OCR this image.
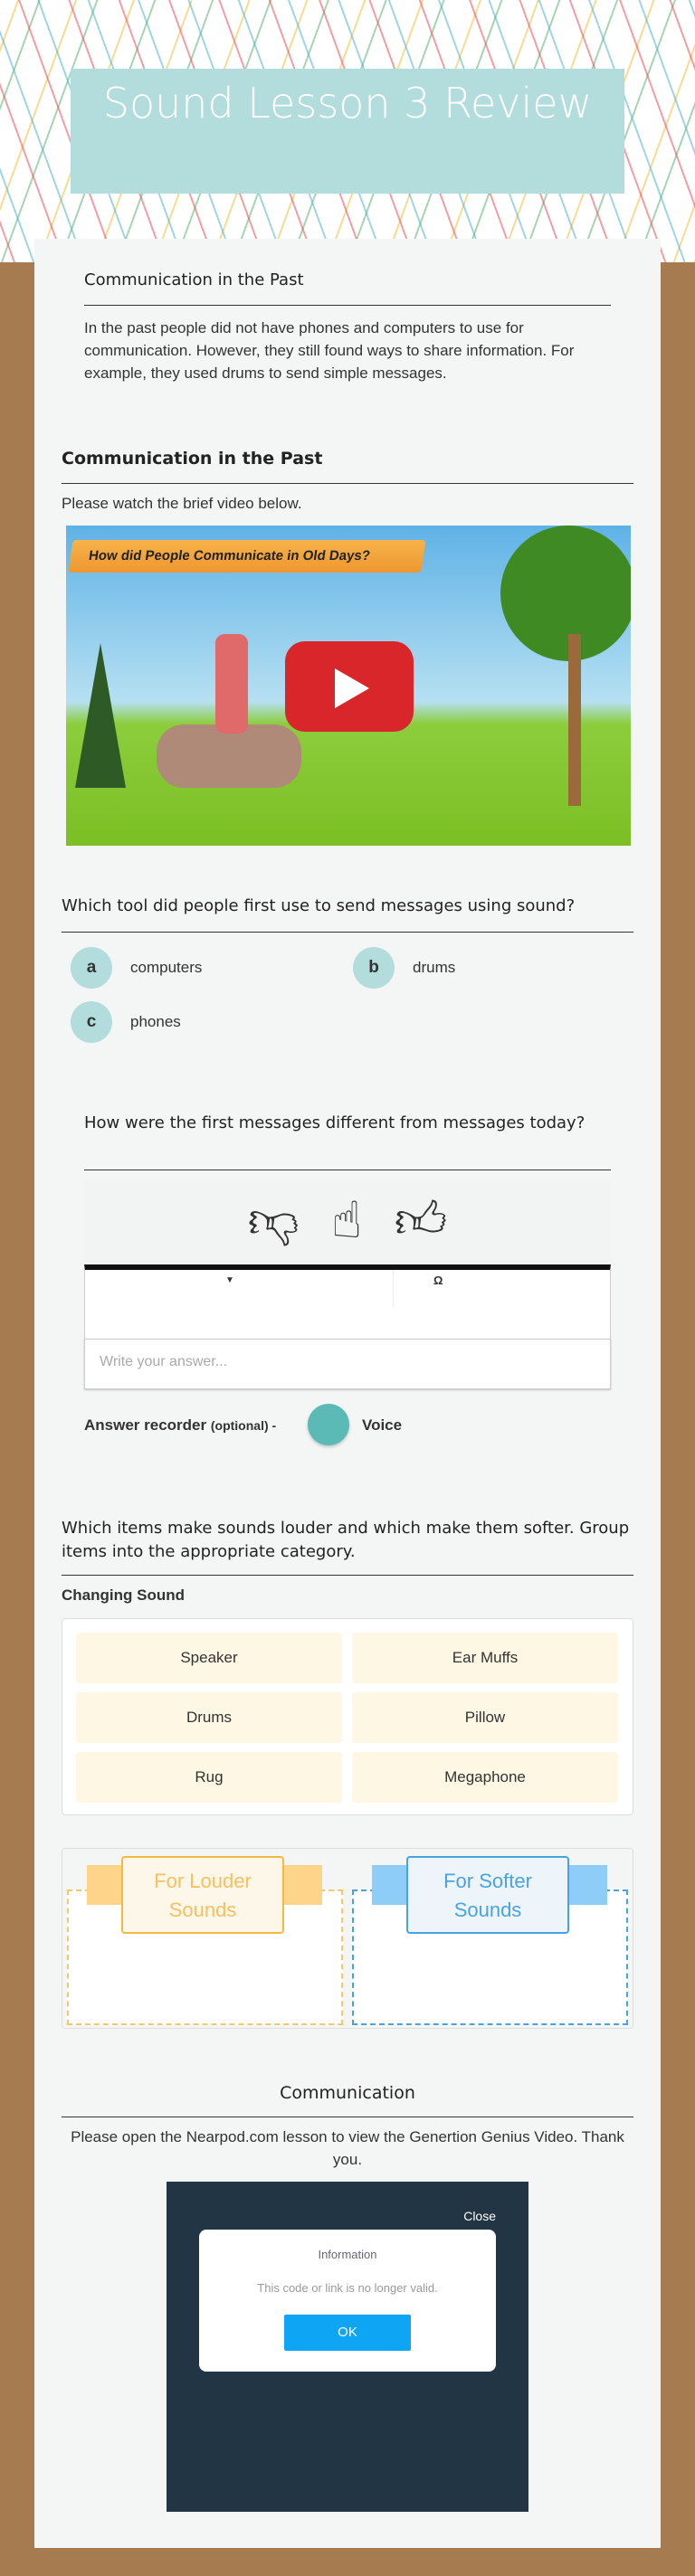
Sound Lesson 3 Review
Communication in the Past
In the past people did not have phones and computers to use for communication. However, they still found ways to share information. For example, they used drums to send simple messages.
Communication in the Past
Please watch the brief video below.
How did People Communicate in Old Days?
Which tool did people first use to send messages using sound?
a	computers	b	drums
c	phones
How were the first messages different from messages today?
👎︎ ☝︎ 👍︎
▼	Ω
Write your answer...
Answer recorder (optional) -	Voice
Which items make sounds louder and which make them softer. Group items into the appropriate category.
Changing Sound
Speaker	Ear Muffs
Drums	Pillow
Rug	Megaphone
For Louder Sounds
For Softer Sounds
Communication
Please open the Nearpod.com lesson to view the Genertion Genius Video. Thank you.
Close
Information
This code or link is no longer valid.
OK
